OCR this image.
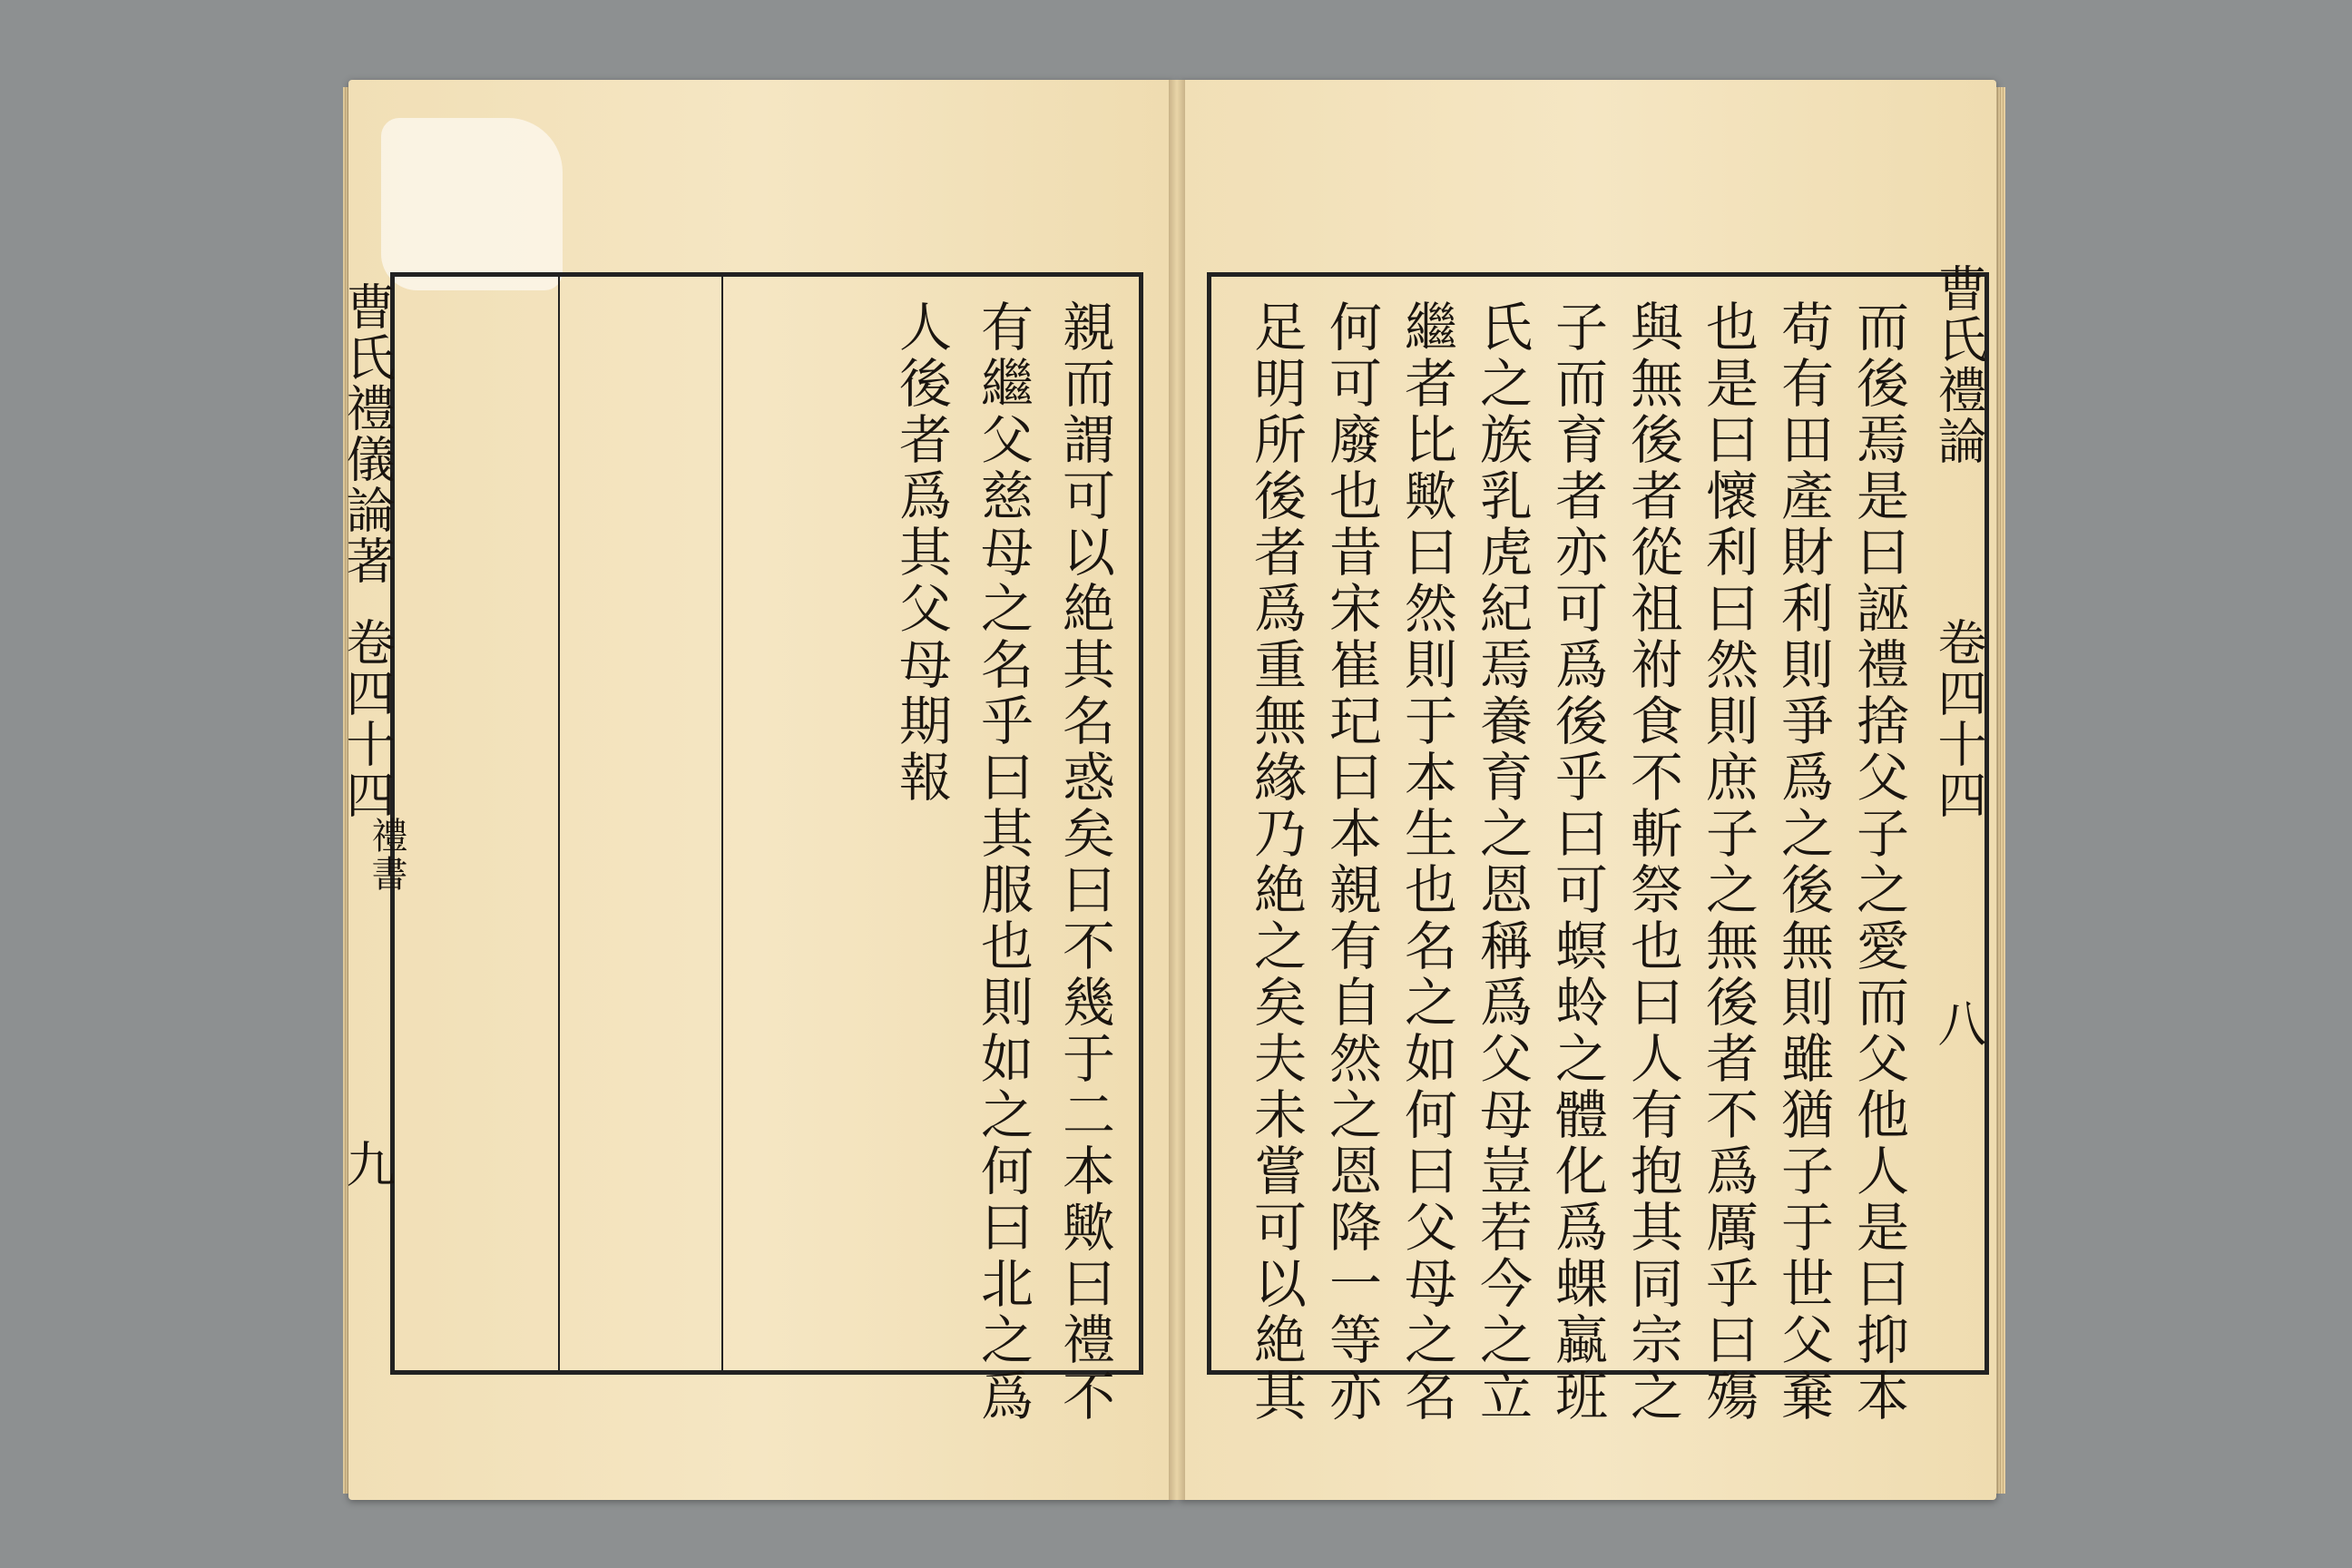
曹氏禮儀論著
卷四十四
禮書
九	親而謂可以絶其名惑矣曰不幾于二本歟曰禮不
有繼父慈母之名乎曰其服也則如之何曰北之爲
人後者爲其父母期報	曹氏禮論
卷四十四
八
而後焉是曰誣禮捨父子之愛而父他人是曰抑本
苟有田產財利則爭爲之後無則雖猶子于世父棄
也是曰懷利曰然則庶子之無後者不爲厲乎曰殤
與無後者從祖祔食不斬祭也曰人有抱其同宗之
子而育者亦可爲後乎曰可螟蛉之體化爲蜾蠃班
氏之族乳虎紀焉養育之恩稱爲父母豈若今之立
繼者比歟曰然則于本生也名之如何曰父母之名
何可廢也昔宋崔玘曰本親有自然之恩降一等亦
足明所後者爲重無緣乃絶之矣夫未嘗可以絶其
